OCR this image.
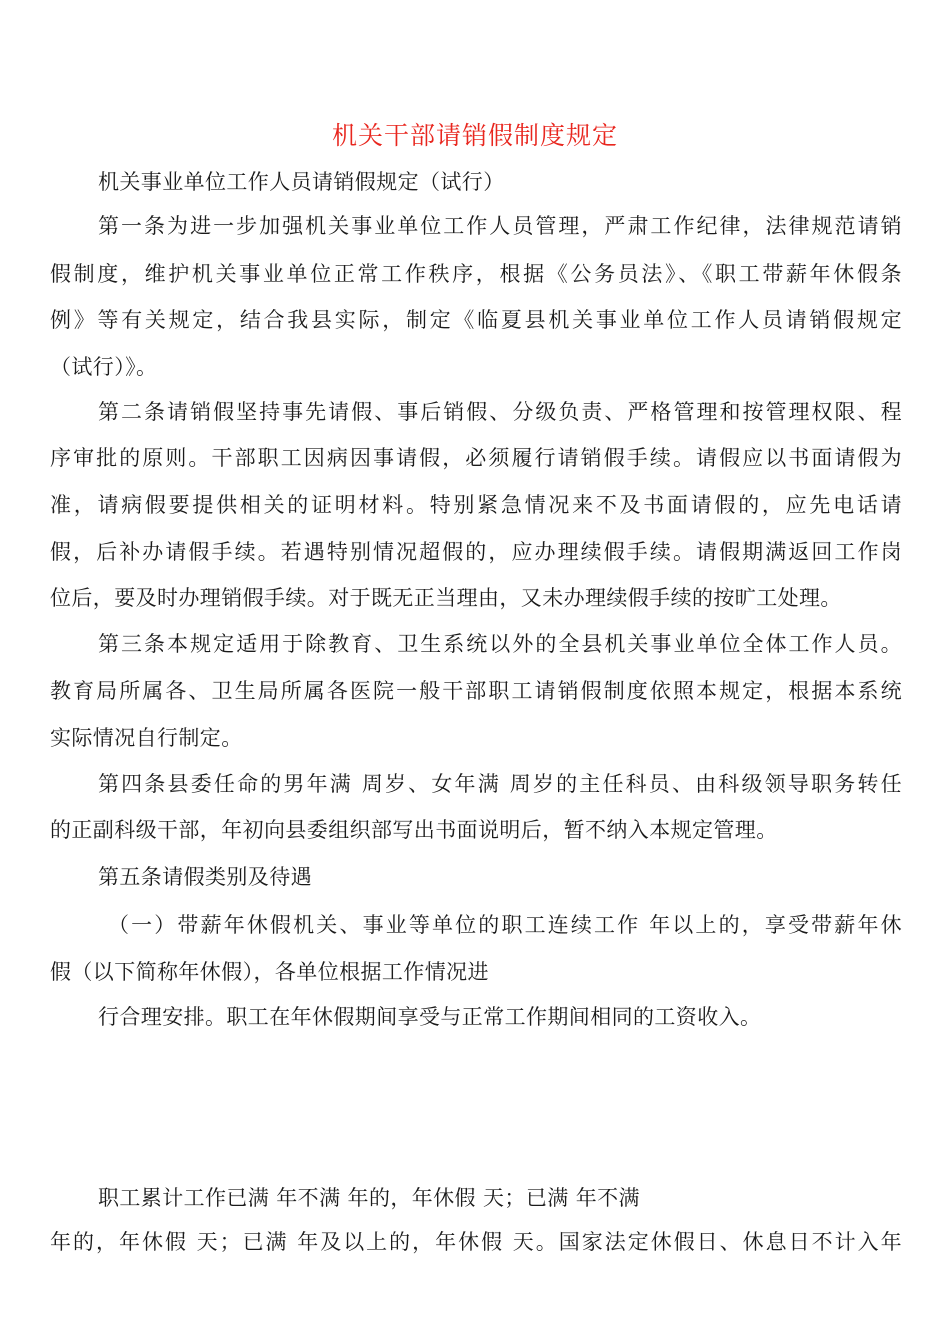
机关干部请销假制度规定
机关事业单位工作人员请销假规定（试行）
第一条为进一步加强机关事业单位工作人员管理，严肃工作纪律，法律规范请销
假制度，维护机关事业单位正常工作秩序，根据《公务员法》、《职工带薪年休假条
例》等有关规定，结合我县实际，制定《临夏县机关事业单位工作人员请销假规定
（试行）》。
第二条请销假坚持事先请假、事后销假、分级负责、严格管理和按管理权限、程
序审批的原则。干部职工因病因事请假，必须履行请销假手续。请假应以书面请假为
准，请病假要提供相关的证明材料。特别紧急情况来不及书面请假的，应先电话请
假，后补办请假手续。若遇特别情况超假的，应办理续假手续。请假期满返回工作岗
位后，要及时办理销假手续。对于既无正当理由，又未办理续假手续的按旷工处理。
第三条本规定适用于除教育、卫生系统以外的全县机关事业单位全体工作人员。
教育局所属各、卫生局所属各医院一般干部职工请销假制度依照本规定，根据本系统
实际情况自行制定。
第四条县委任命的男年满 周岁、女年满 周岁的主任科员、由科级领导职务转任
的正副科级干部，年初向县委组织部写出书面说明后，暂不纳入本规定管理。
第五条请假类别及待遇
（一）带薪年休假机关、事业等单位的职工连续工作 年以上的，享受带薪年休
假（以下简称年休假），各单位根据工作情况进
行合理安排。职工在年休假期间享受与正常工作期间相同的工资收入。
职工累计工作已满 年不满 年的，年休假 天；已满 年不满
年的，年休假 天；已满 年及以上的，年休假 天。国家法定休假日、休息日不计入年
